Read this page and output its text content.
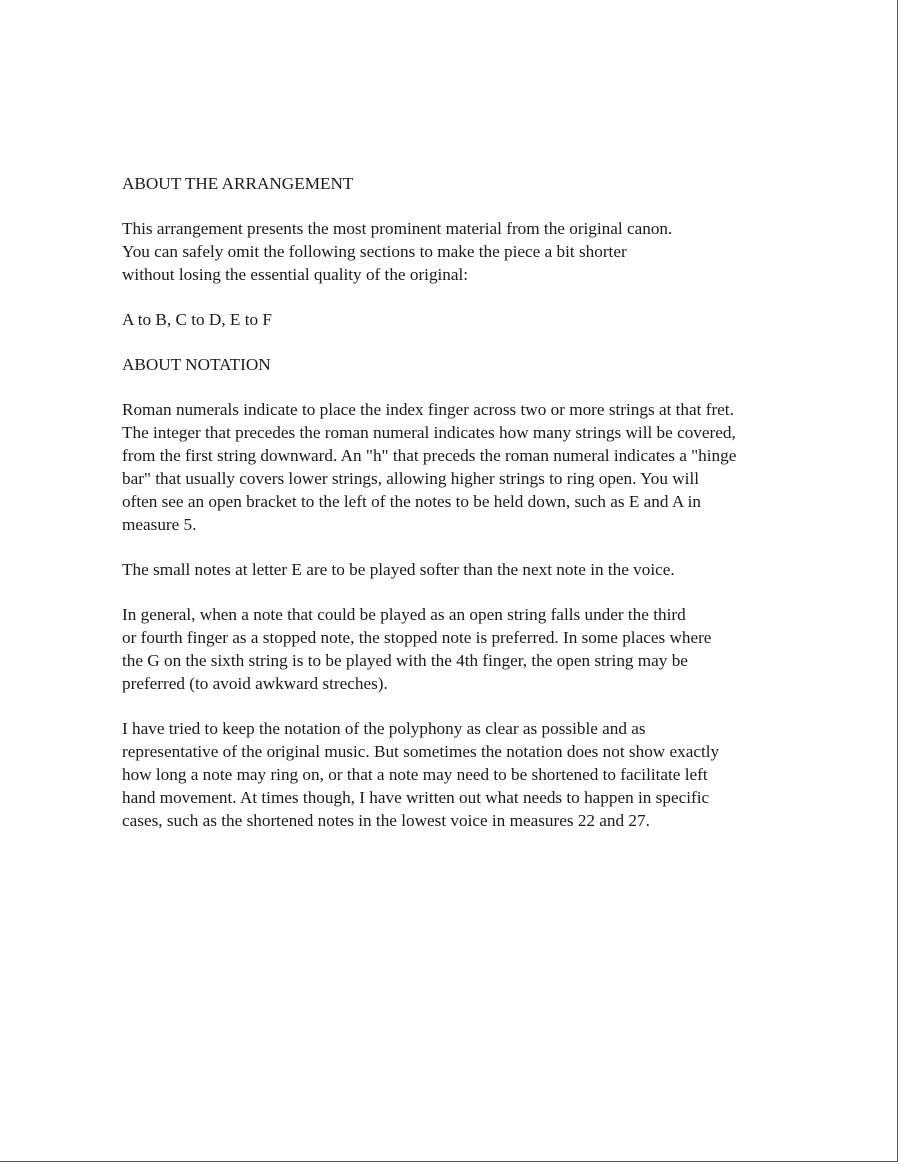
ABOUT THE ARRANGEMENT

This arrangement presents the most prominent material from the original canon.
You can safely omit the following sections to make the piece a bit shorter
without losing the essential quality of the original:

A to B, C to D, E to F

ABOUT NOTATION

Roman numerals indicate to place the index finger across two or more strings at that fret.
The integer that precedes the roman numeral indicates how many strings will be covered,
from the first string downward. An "h" that preceds the roman numeral indicates a "hinge
bar" that usually covers lower strings, allowing higher strings to ring open. You will
often see an open bracket to the left of the notes to be held down, such as E and A in
measure 5.

The small notes at letter E are to be played softer than the next note in the voice.

In general, when a note that could be played as an open string falls under the third
or fourth finger as a stopped note, the stopped note is preferred. In some places where
the G on the sixth string is to be played with the 4th finger, the open string may be
preferred (to avoid awkward streches).

I have tried to keep the notation of the polyphony as clear as possible and as
representative of the original music. But sometimes the notation does not show exactly
how long a note may ring on, or that a note may need to be shortened to facilitate left
hand movement. At times though, I have written out what needs to happen in specific
cases, such as the shortened notes in the lowest voice in measures 22 and 27.
